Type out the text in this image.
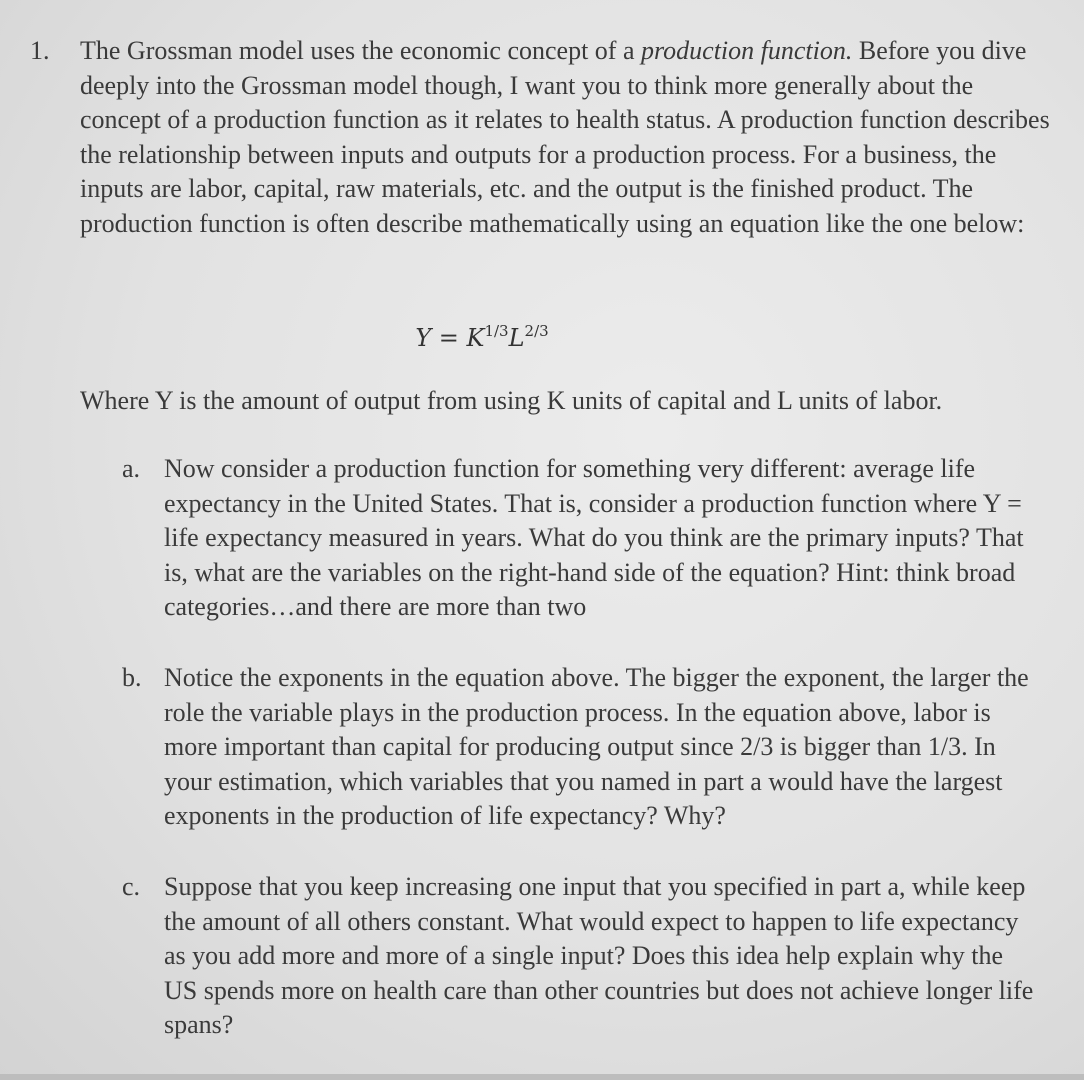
1. The Grossman model uses the economic concept of a production function. Before you dive deeply into the Grossman model though, I want you to think more generally about the concept of a production function as it relates to health status. A production function describes the relationship between inputs and outputs for a production process. For a business, the inputs are labor, capital, raw materials, etc. and the output is the finished product. The production function is often describe mathematically using an equation like the one below:
$Y = K^{1/3}L^{2/3}$
Where Y is the amount of output from using K units of capital and L units of labor.
a. Now consider a production function for something very different: average life expectancy in the United States. That is, consider a production function where Y = life expectancy measured in years. What do you think are the primary inputs? That is, what are the variables on the right-hand side of the equation? Hint: think broad categories…and there are more than two
b. Notice the exponents in the equation above. The bigger the exponent, the larger the role the variable plays in the production process. In the equation above, labor is more important than capital for producing output since 2/3 is bigger than 1/3. In your estimation, which variables that you named in part a would have the largest exponents in the production of life expectancy? Why?
c. Suppose that you keep increasing one input that you specified in part a, while keep the amount of all others constant. What would expect to happen to life expectancy as you add more and more of a single input? Does this idea help explain why the US spends more on health care than other countries but does not achieve longer life spans?
